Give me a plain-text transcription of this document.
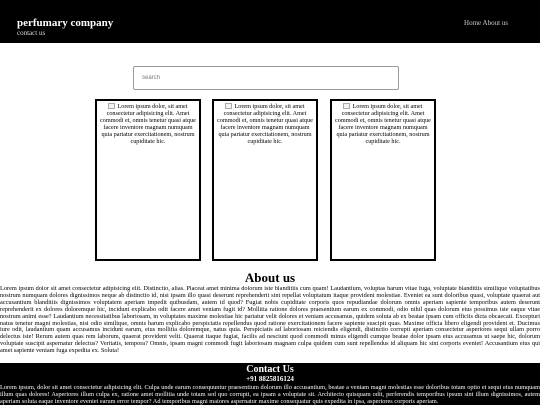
perfumary company
contact us
Home About us
search
Lorem ipsum dolor, sit amet consectetur adipisicing elit. Amet commodi et, omnis tenetur quasi atque facere inventore magnam numquam quia pariatur exercitationem, nostrum cupiditate hic.
Lorem ipsum dolor, sit amet consectetur adipisicing elit. Amet commodi et, omnis tenetur quasi atque facere inventore magnam numquam quia pariatur exercitationem, nostrum cupiditate hic.
Lorem ipsum dolor, sit amet consectetur adipisicing elit. Amet commodi et, omnis tenetur quasi atque facere inventore magnam numquam quia pariatur exercitationem, nostrum cupiditate hic.
About us
Lorem ipsum dolor sit amet consectetur adipisicing elit. Distinctio, alias. Placeat amet minima dolorum iste blanditiis cum quam! Laudantium, voluptas harum vitae fuga, voluptate blanditiis similique voluptatibus nostrum numquam dolores dignissimos neque ab distinctio id, nisi ipsam illo quasi deserunt reprehenderit sint repellat voluptatum itaque provident molestiae. Eveniet ea sunt doloribus quasi, voluptate quaerat aut accusantium blanditiis dignissimos voluptatem aperiam impedit quibusdam, autem id quod? Fugiat nobis cupiditate corporis quos repudiandae dolorum omnis aperiam sapiente temporibus autem deserunt reprehenderit ex dolores doloremque hic, incidunt explicabo odit facere amet veniam fugit id? Mollitia ratione dolores praesentium earum ex commodi, odio nihil quas dolorum eius possimus iste eaque vitae nostrum animi esse? Laudantium necessitatibus laboriosam, in voluptates maxime molestiae hic pariatur velit dolores et veniam accusamus, quidem soluta ab ex beatae ipsam cum officiis dicta obcaecati. Excepturi natus tenetur magni molestias, nisi odio similique, omnis harum explicabo perspiciatis repellendus quod ratione exercitationem facere sapiente suscipit quas. Maxime officia libero eligendi provident et. Ducimus iure odit, laudantium quam accusamus incidunt earum, eius mollitia doloremque, natus quia. Perspiciatis ad laboriosam reiciendis eligendi, distinctio corrupti aperiam consectetur asperiores sequi ullam porro delectus iste! Rerum autem quas rem laborum, quaerat provident velit. Quaerat itaque fugiat, facilis ad nesciunt quod commodi minus eligendi cumque beatae dolor ipsam eius accusamus ut saepe hic, dolorum voluptate suscipit aspernatur delectus? Veritatis, tempora? Omnis, ipsam magni commodi fugit laboriosam magnam culpa quidem cum sunt repellendus id aliquam hic sint corporis eveniet! Accusantium eius qui amet sapiente veniam fuga expedita ex. Soluta!
Contact Us
+91 8825816124
Lorem ipsum, dolor sit amet consectetur adipisicing elit. Culpa unde earum consequuntur praesentium dolorum illo accusantium, beatae a veniam magni molestias esse doloribus totam optio et sequi eius numquam illum quas dolores! Asperiores illum culpa ex, ratione amet mollitia unde totam sed quo corrupti, ea ipsam a voluptate sit. Architecto quisquam odit, perferendis temporibus ipsum sint illum dignissimos, autem aperiam soluta eaque inventore eveniet earum error tempor? Ad temporibus magni maiores aspernatur maxime consequatur quis expedita in ipsa, asperiores corporis aperiam.
